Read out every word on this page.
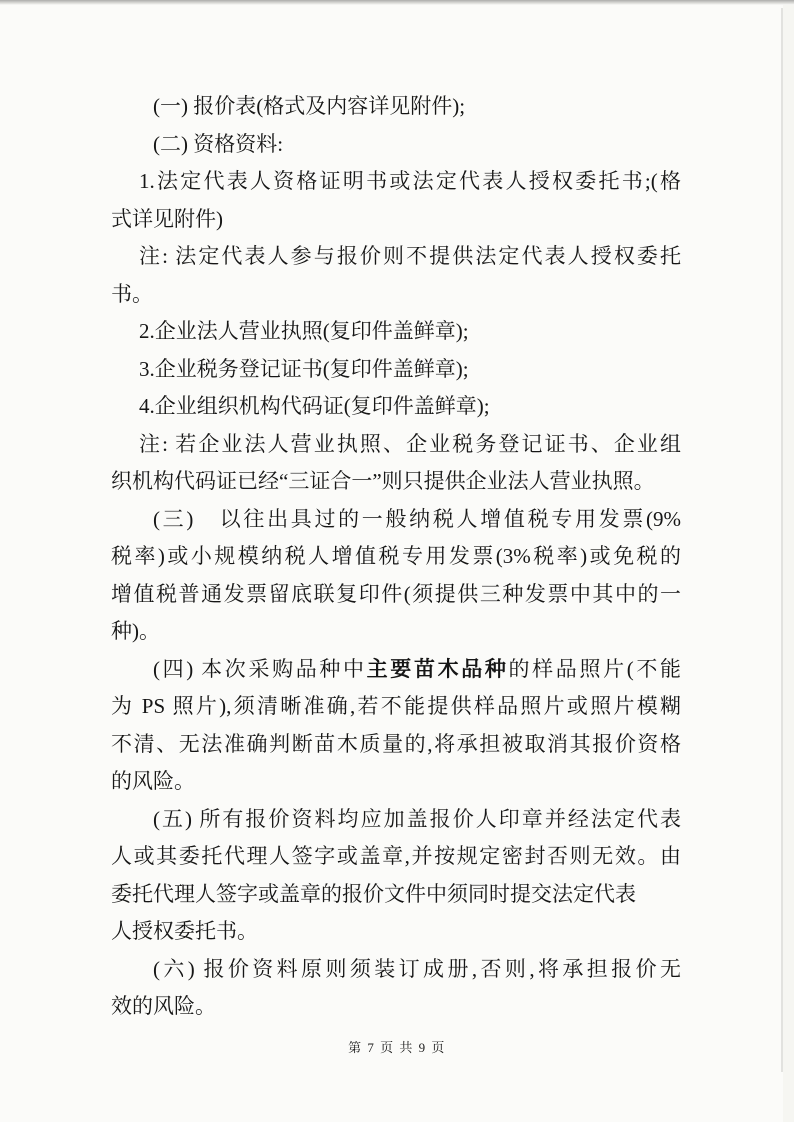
(一) 报价表(格式及内容详见附件);
(二) 资格资料:
1.法定代表人资格证明书或法定代表人授权委托书;(格
式详见附件)
注: 法定代表人参与报价则不提供法定代表人授权委托
书。
2.企业法人营业执照(复印件盖鲜章);
3.企业税务登记证书(复印件盖鲜章);
4.企业组织机构代码证(复印件盖鲜章);
注: 若企业法人营业执照、企业税务登记证书、企业组
织机构代码证已经“三证合一”则只提供企业法人营业执照。
(三)　以往出具过的一般纳税人增值税专用发票(9%
税率)或小规模纳税人增值税专用发票(3%税率)或免税的
增值税普通发票留底联复印件(须提供三种发票中其中的一
种)。
(四) 本次采购品种中主要苗木品种的样品照片(不能
为 PS 照片),须清晰准确,若不能提供样品照片或照片模糊
不清、无法准确判断苗木质量的,将承担被取消其报价资格
的风险。
(五) 所有报价资料均应加盖报价人印章并经法定代表
人或其委托代理人签字或盖章,并按规定密封否则无效。由
委托代理人签字或盖章的报价文件中须同时提交法定代表
人授权委托书。
(六) 报价资料原则须装订成册,否则,将承担报价无
效的风险。
第 7 页 共 9 页
